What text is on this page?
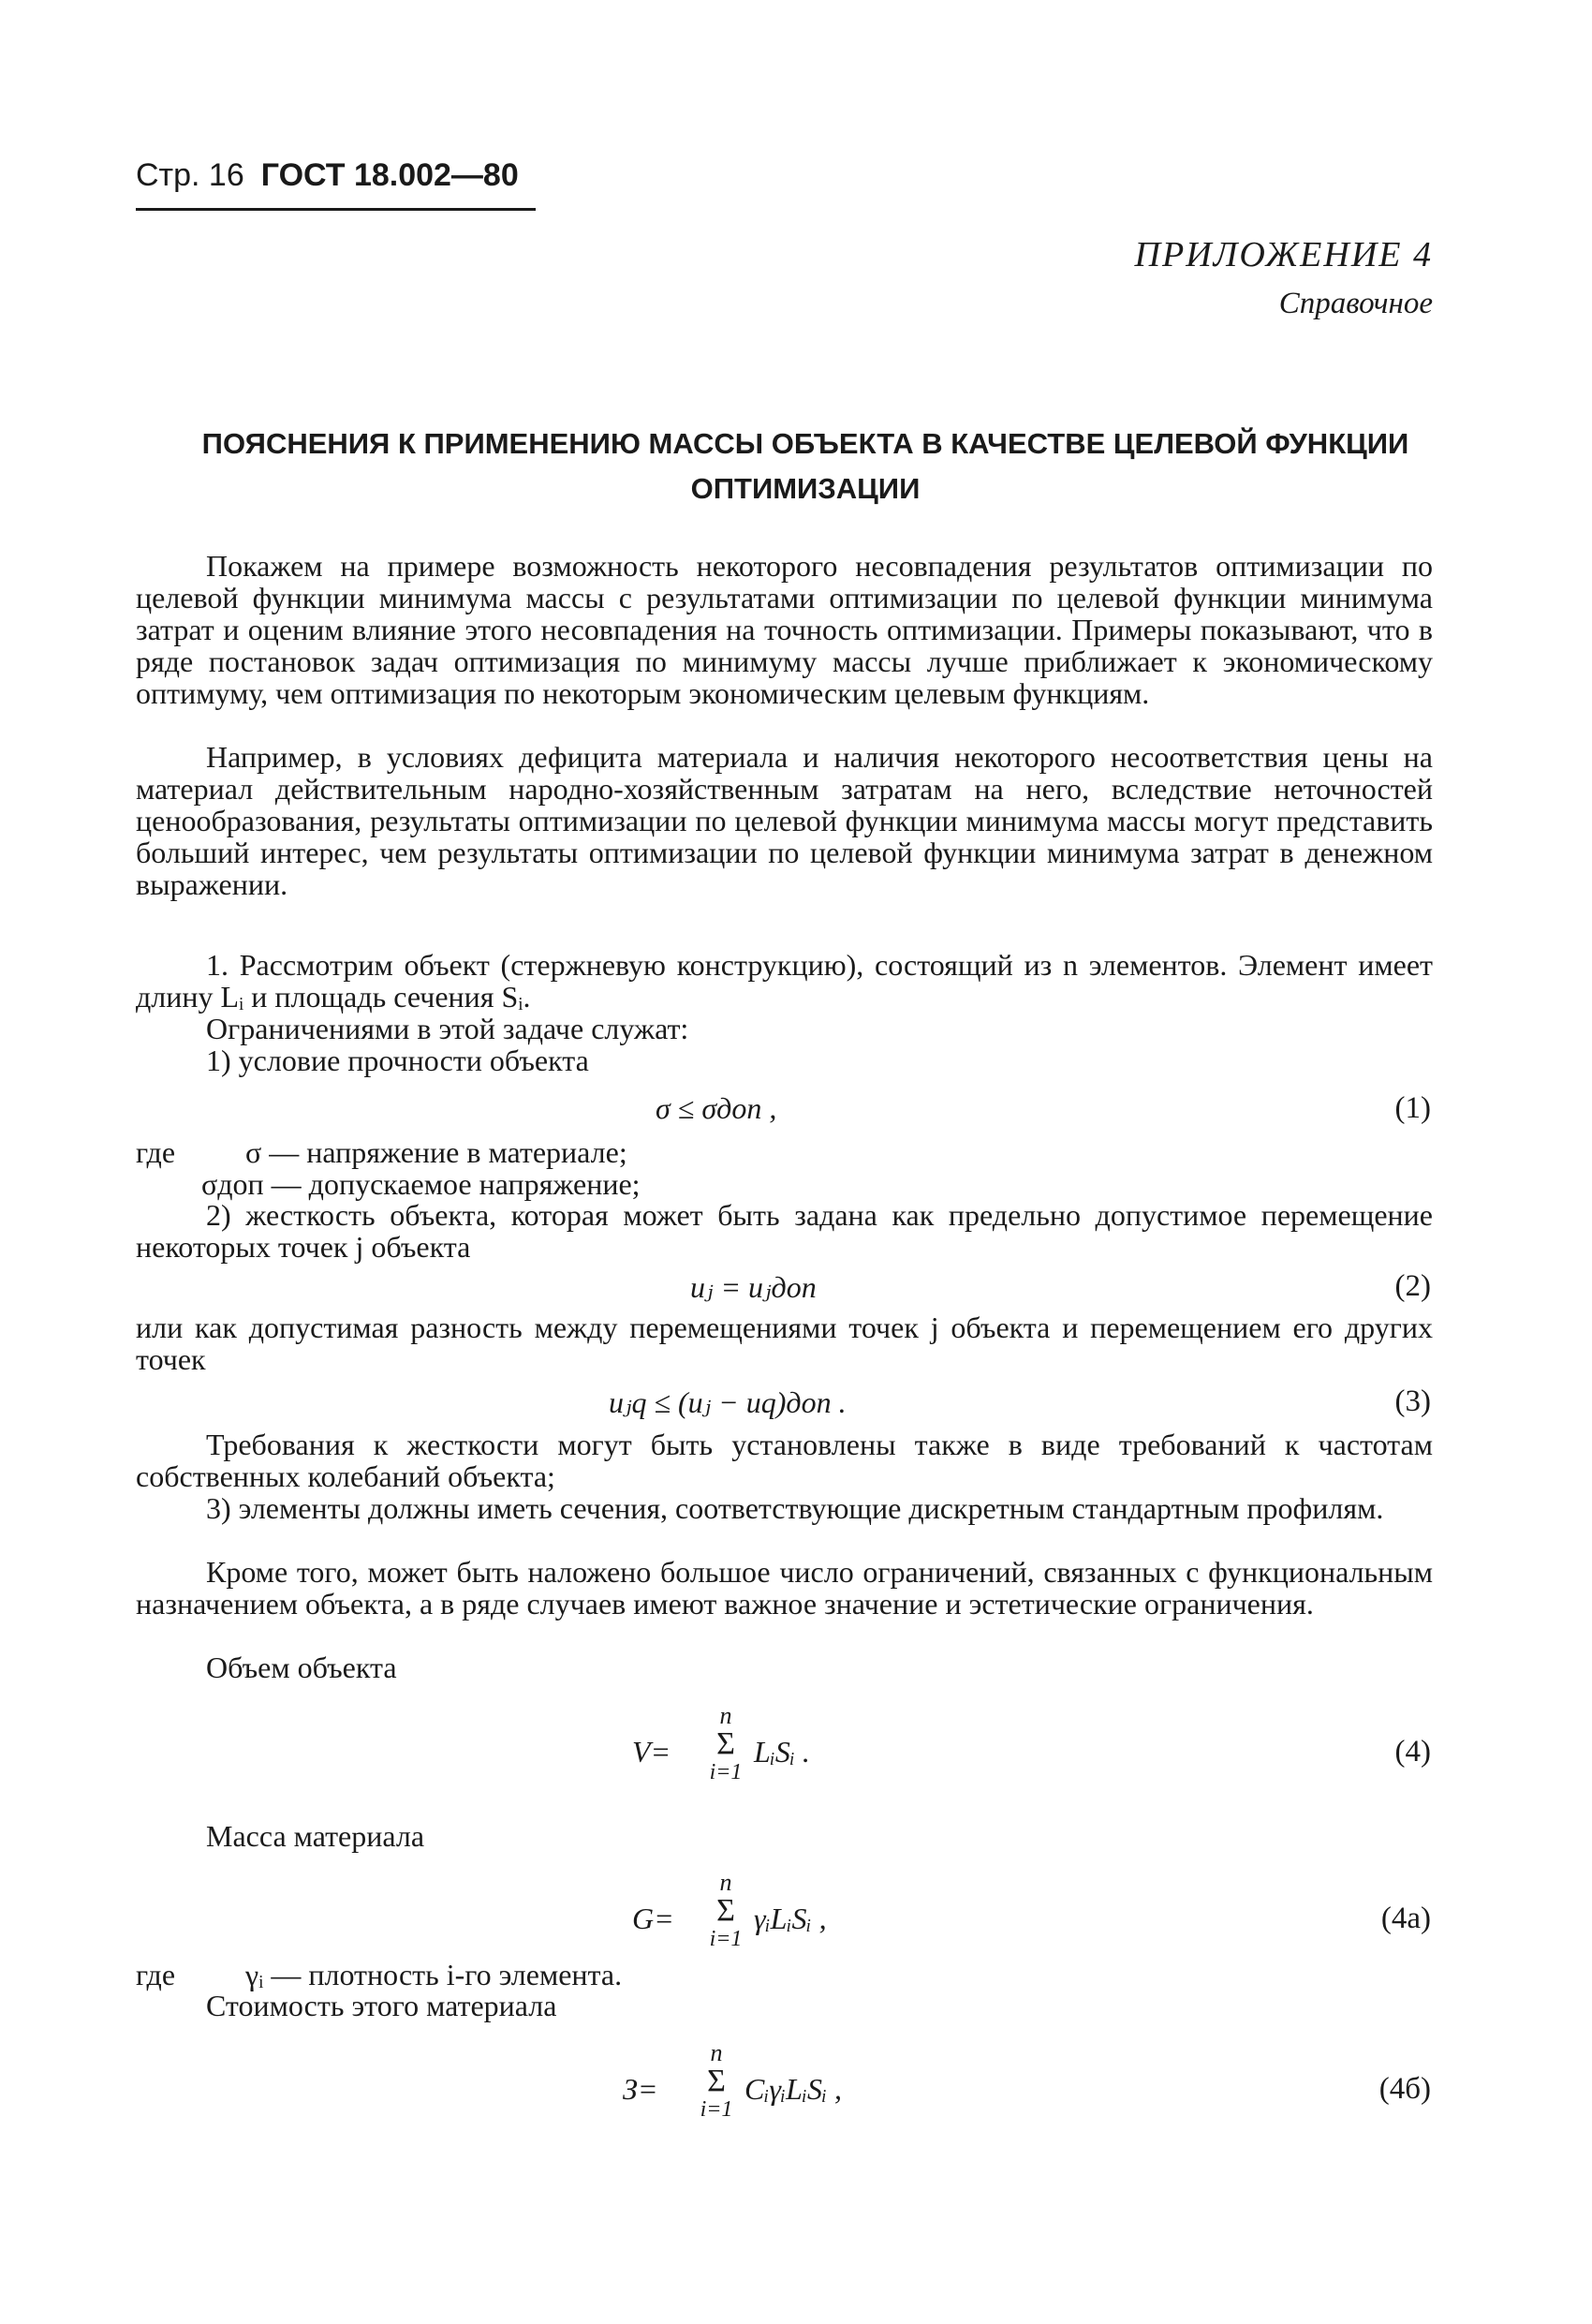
Стр. 16 ГОСТ 18.002—80
ПРИЛОЖЕНИЕ 4
Справочное
ПОЯСНЕНИЯ К ПРИМЕНЕНИЮ МАССЫ ОБЪЕКТА В КАЧЕСТВЕ ЦЕЛЕВОЙ ФУНКЦИИ ОПТИМИЗАЦИИ
Покажем на примере возможность некоторого несовпадения результатов оптимизации по целевой функции минимума массы с результатами оптимизации по целевой функции минимума затрат и оценим влияние этого несовпадения на точность оптимизации. Примеры показывают, что в ряде постановок задач оптимизация по минимуму массы лучше приближает к экономическому оптимуму, чем оптимизация по некоторым экономическим целевым функциям.
Например, в условиях дефицита материала и наличия некоторого несоответствия цены на материал действительным народно-хозяйственным затратам на него, вследствие неточностей ценообразования, результаты оптимизации по целевой функции минимума массы могут представить больший интерес, чем результаты оптимизации по целевой функции минимума затрат в денежном выражении.
1. Рассмотрим объект (стержневую конструкцию), состоящий из n элементов. Элемент имеет длину Lᵢ и площадь сечения Sᵢ.
Ограничениями в этой задаче служат:
1) условие прочности объекта
σ ≤ σдоп ,	(1)
где σ — напряжение в материале;
σдоп — допускаемое напряжение;
2) жесткость объекта, которая может быть задана как предельно допустимое перемещение некоторых точек j объекта
uⱼ = uⱼдоп	(2)
или как допустимая разность между перемещениями точек j объекта и перемещением его других точек
uⱼq ≤ (uⱼ − uq)доп .	(3)
Требования к жесткости могут быть установлены также в виде требований к частотам собственных колебаний объекта;
3) элементы должны иметь сечения, соответствующие дискретным стандартным профилям.
Кроме того, может быть наложено большое число ограничений, связанных с функциональным назначением объекта, а в ряде случаев имеют важное значение и эстетические ограничения.
Объем объекта
V=
n
Σ
i=1
LᵢSᵢ .	(4)
Масса материала
G=
n
Σ
i=1
γᵢLᵢSᵢ ,	(4а)
где γᵢ — плотность i-го элемента.
Стоимость этого материала
З=
n
Σ
i=1
CᵢγᵢLᵢSᵢ ,	(4б)
